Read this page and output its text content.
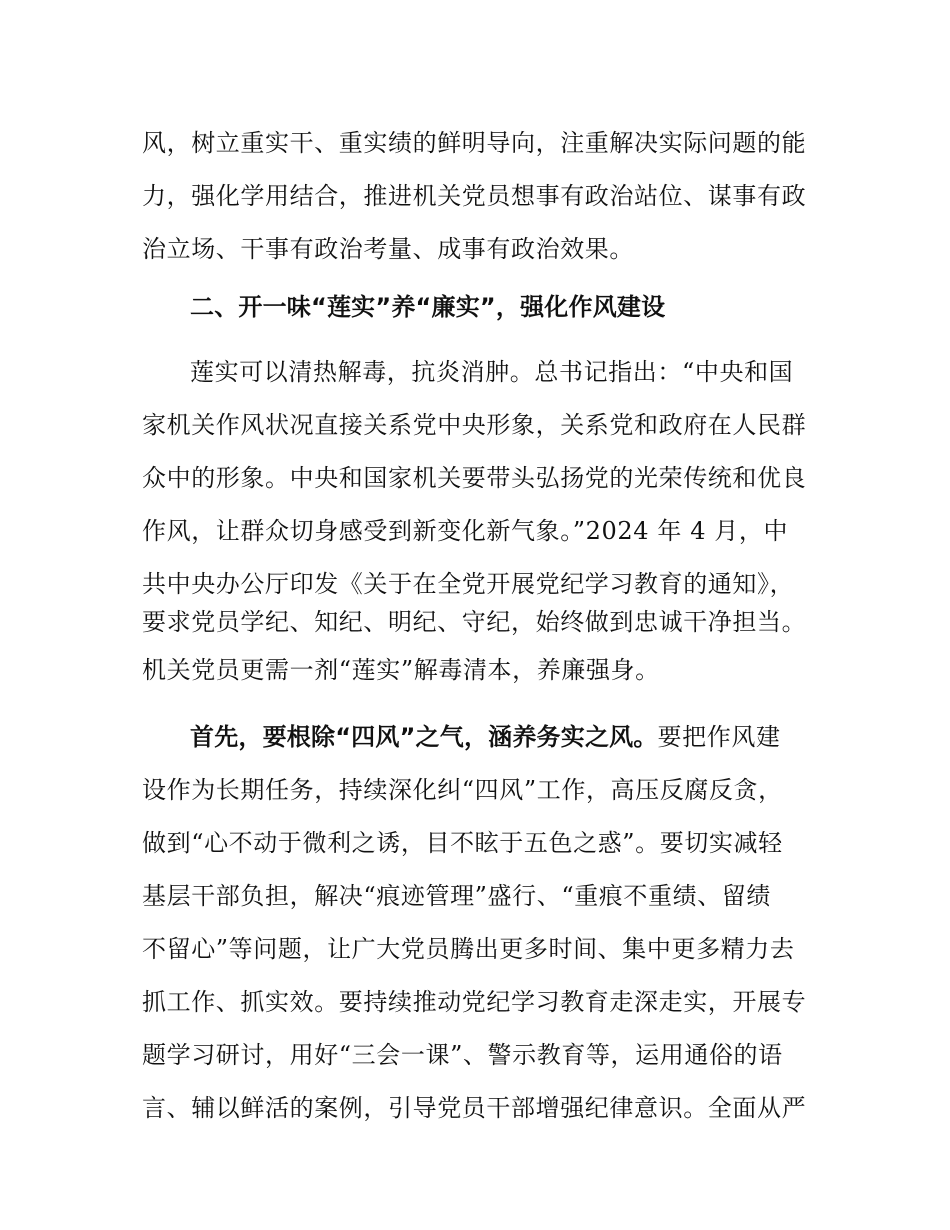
风，树立重实干、重实绩的鲜明导向，注重解决实际问题的能
力，强化学用结合，推进机关党员想事有政治站位、谋事有政
治立场、干事有政治考量、成事有政治效果。
二、开一味“莲实”养“廉实”，强化作风建设
莲实可以清热解毒，抗炎消肿。总书记指出：“中央和国
家机关作风状况直接关系党中央形象，关系党和政府在人民群
众中的形象。中央和国家机关要带头弘扬党的光荣传统和优良
作风，让群众切身感受到新变化新气象。”2024 年 4 月，中
共中央办公厅印发《关于在全党开展党纪学习教育的通知》，
要求党员学纪、知纪、明纪、守纪，始终做到忠诚干净担当。
机关党员更需一剂“莲实”解毒清本，养廉强身。
首先，要根除“四风”之气，涵养务实之风。要把作风建
设作为长期任务，持续深化纠“四风”工作，高压反腐反贪，
做到“心不动于微利之诱，目不眩于五色之惑”。要切实减轻
基层干部负担，解决“痕迹管理”盛行、“重痕不重绩、留绩
不留心”等问题，让广大党员腾出更多时间、集中更多精力去
抓工作、抓实效。要持续推动党纪学习教育走深走实，开展专
题学习研讨，用好“三会一课”、警示教育等，运用通俗的语
言、辅以鲜活的案例，引导党员干部增强纪律意识。全面从严
